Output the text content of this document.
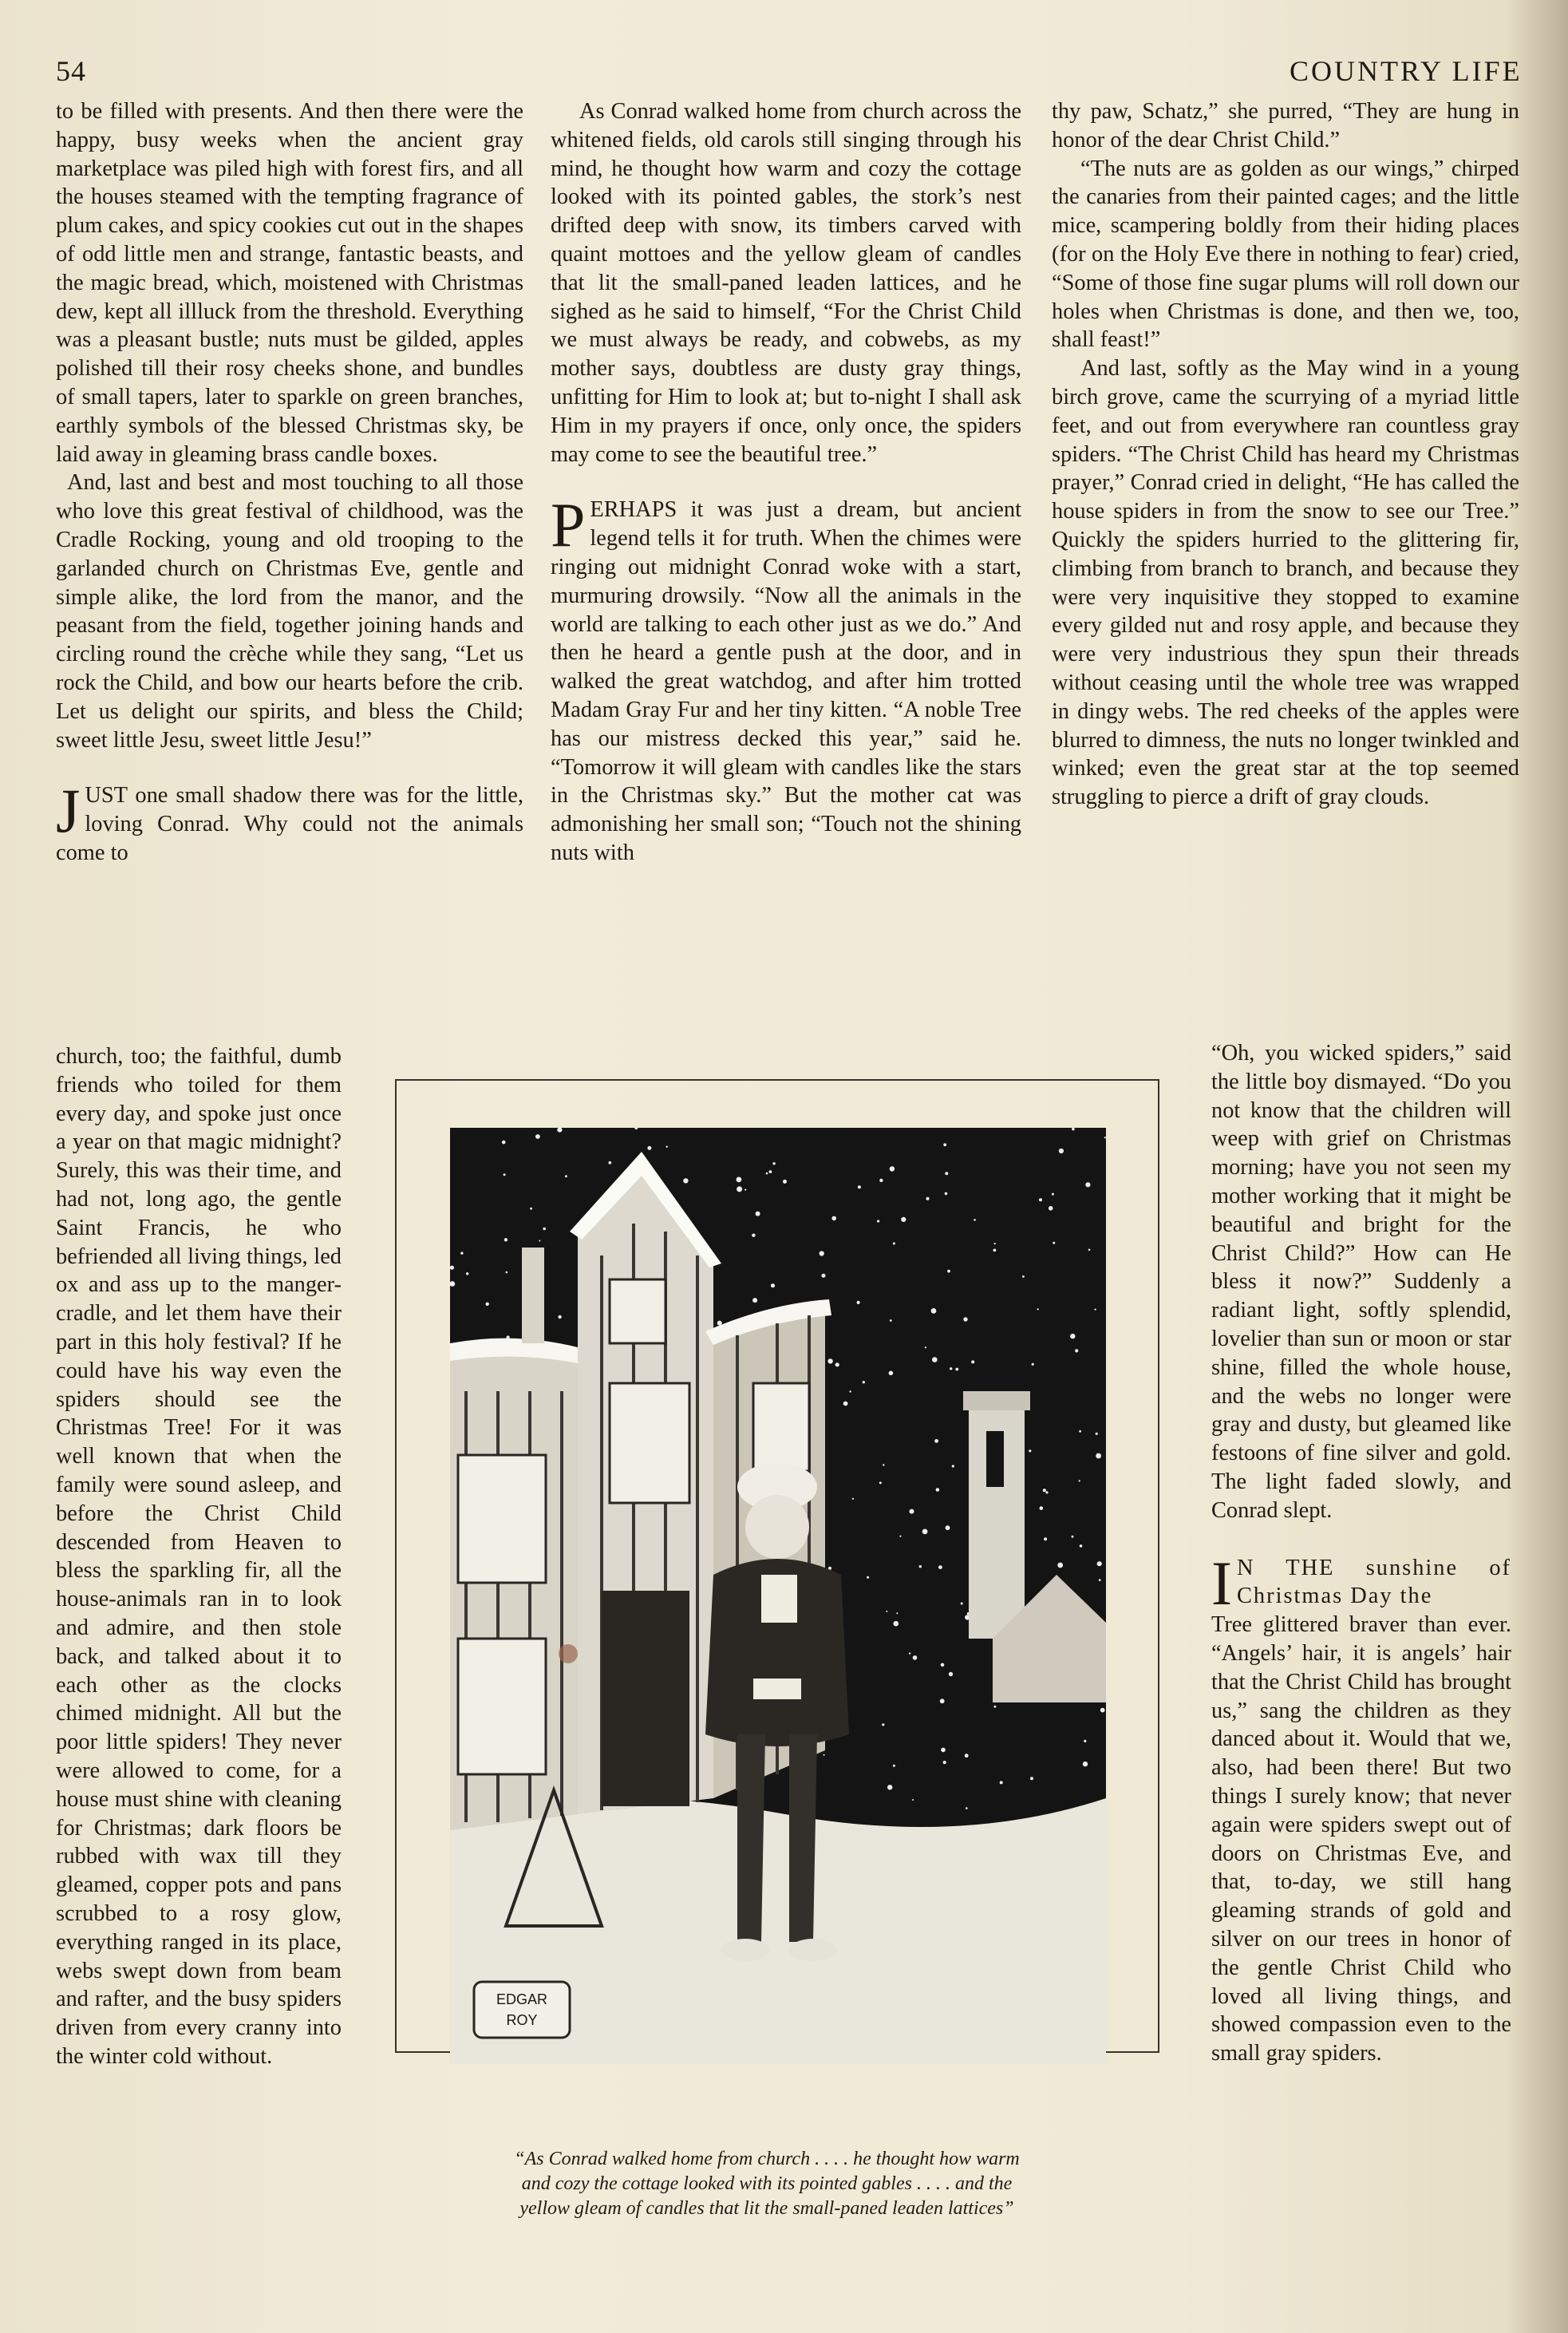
54	COUNTRY LIFE

to be filled with presents. And then there were the happy, busy weeks when the ancient gray marketplace was piled high with forest firs, and all the houses steamed with the tempting fragrance of plum cakes, and spicy cookies cut out in the shapes of odd little men and strange, fantastic beasts, and the magic bread, which, moistened with Christmas dew, kept all illluck from the threshold. Everything was a pleasant bustle; nuts must be gilded, apples polished till their rosy cheeks shone, and bundles of small tapers, later to sparkle on green branches, earthly symbols of the blessed Christmas sky, be laid away in gleaming brass candle boxes.

And, last and best and most touching to all those who love this great festival of childhood, was the Cradle Rocking, young and old trooping to the garlanded church on Christmas Eve, gentle and simple alike, the lord from the manor, and the peasant from the field, together joining hands and circling round the crèche while they sang, “Let us rock the Child, and bow our hearts before the crib. Let us delight our spirits, and bless the Child; sweet little Jesu, sweet little Jesu!”

JUST one small shadow there was for the little, loving Conrad. Why could not the animals come to

church, too; the faithful, dumb friends who toiled for them every day, and spoke just once a year on that magic midnight? Surely, this was their time, and had not, long ago, the gentle Saint Francis, he who befriended all living things, led ox and ass up to the manger-cradle, and let them have their part in this holy festival? If he could have his way even the spiders should see the Christmas Tree! For it was well known that when the family were sound asleep, and before the Christ Child descended from Heaven to bless the sparkling fir, all the house-animals ran in to look and admire, and then stole back, and talked about it to each other as the clocks chimed midnight. All but the poor little spiders! They never were allowed to come, for a house must shine with cleaning for Christmas; dark floors be rubbed with wax till they gleamed, copper pots and pans scrubbed to a rosy glow, everything ranged in its place, webs swept down from beam and rafter, and the busy spiders driven from every cranny into the winter cold without.

As Conrad walked home from church across the whitened fields, old carols still singing through his mind, he thought how warm and cozy the cottage looked with its pointed gables, the stork’s nest drifted deep with snow, its timbers carved with quaint mottoes and the yellow gleam of candles that lit the small-paned leaden lattices, and he sighed as he said to himself, “For the Christ Child we must always be ready, and cobwebs, as my mother says, doubtless are dusty gray things, unfitting for Him to look at; but to-night I shall ask Him in my prayers if once, only once, the spiders may come to see the beautiful tree.”

PERHAPS it was just a dream, but ancient legend tells it for truth. When the chimes were ringing out midnight Conrad woke with a start, murmuring drowsily. “Now all the animals in the world are talking to each other just as we do.” And then he heard a gentle push at the door, and in walked the great watchdog, and after him trotted Madam Gray Fur and her tiny kitten. “A noble Tree has our mistress decked this year,” said he. “Tomorrow it will gleam with candles like the stars in the Christmas sky.” But the mother cat was admonishing her small son; “Touch not the shining nuts with

thy paw, Schatz,” she purred, “They are hung in honor of the dear Christ Child.”

“The nuts are as golden as our wings,” chirped the canaries from their painted cages; and the little mice, scampering boldly from their hiding places (for on the Holy Eve there in nothing to fear) cried, “Some of those fine sugar plums will roll down our holes when Christmas is done, and then we, too, shall feast!”

And last, softly as the May wind in a young birch grove, came the scurrying of a myriad little feet, and out from everywhere ran countless gray spiders. “The Christ Child has heard my Christmas prayer,” Conrad cried in delight, “He has called the house spiders in from the snow to see our Tree.” Quickly the spiders hurried to the glittering fir, climbing from branch to branch, and because they were very inquisitive they stopped to examine every gilded nut and rosy apple, and because they were very industrious they spun their threads without ceasing until the whole tree was wrapped in dingy webs. The red cheeks of the apples were blurred to dimness, the nuts no longer twinkled and winked; even the great star at the top seemed struggling to pierce a drift of gray clouds.

“Oh, you wicked spiders,” said the little boy dismayed. “Do you not know that the children will weep with grief on Christmas morning; have you not seen my mother working that it might be beautiful and bright for the Christ Child?” How can He bless it now?” Suddenly a radiant light, softly splendid, lovelier than sun or moon or star shine, filled the whole house, and the webs no longer were gray and dusty, but gleamed like festoons of fine silver and gold. The light faded slowly, and Conrad slept.

I N THE sunshine of Christmas Day the

Tree glittered braver than ever. “Angels’ hair, it is angels’ hair that the Christ Child has brought us,” sang the children as they danced about it. Would that we, also, had been there! But two things I surely know; that never again were spiders swept out of doors on Christmas Eve, and that, to-day, we still hang gleaming strands of gold and silver on our trees in honor of the gentle Christ Child who loved all living things, and showed compassion even to the small gray spiders.

EDGAR
ROY
“As Conrad walked home from church . . . . he thought how warm
and cozy the cottage looked with its pointed gables . . . . and the
yellow gleam of candles that lit the small-paned leaden lattices”
